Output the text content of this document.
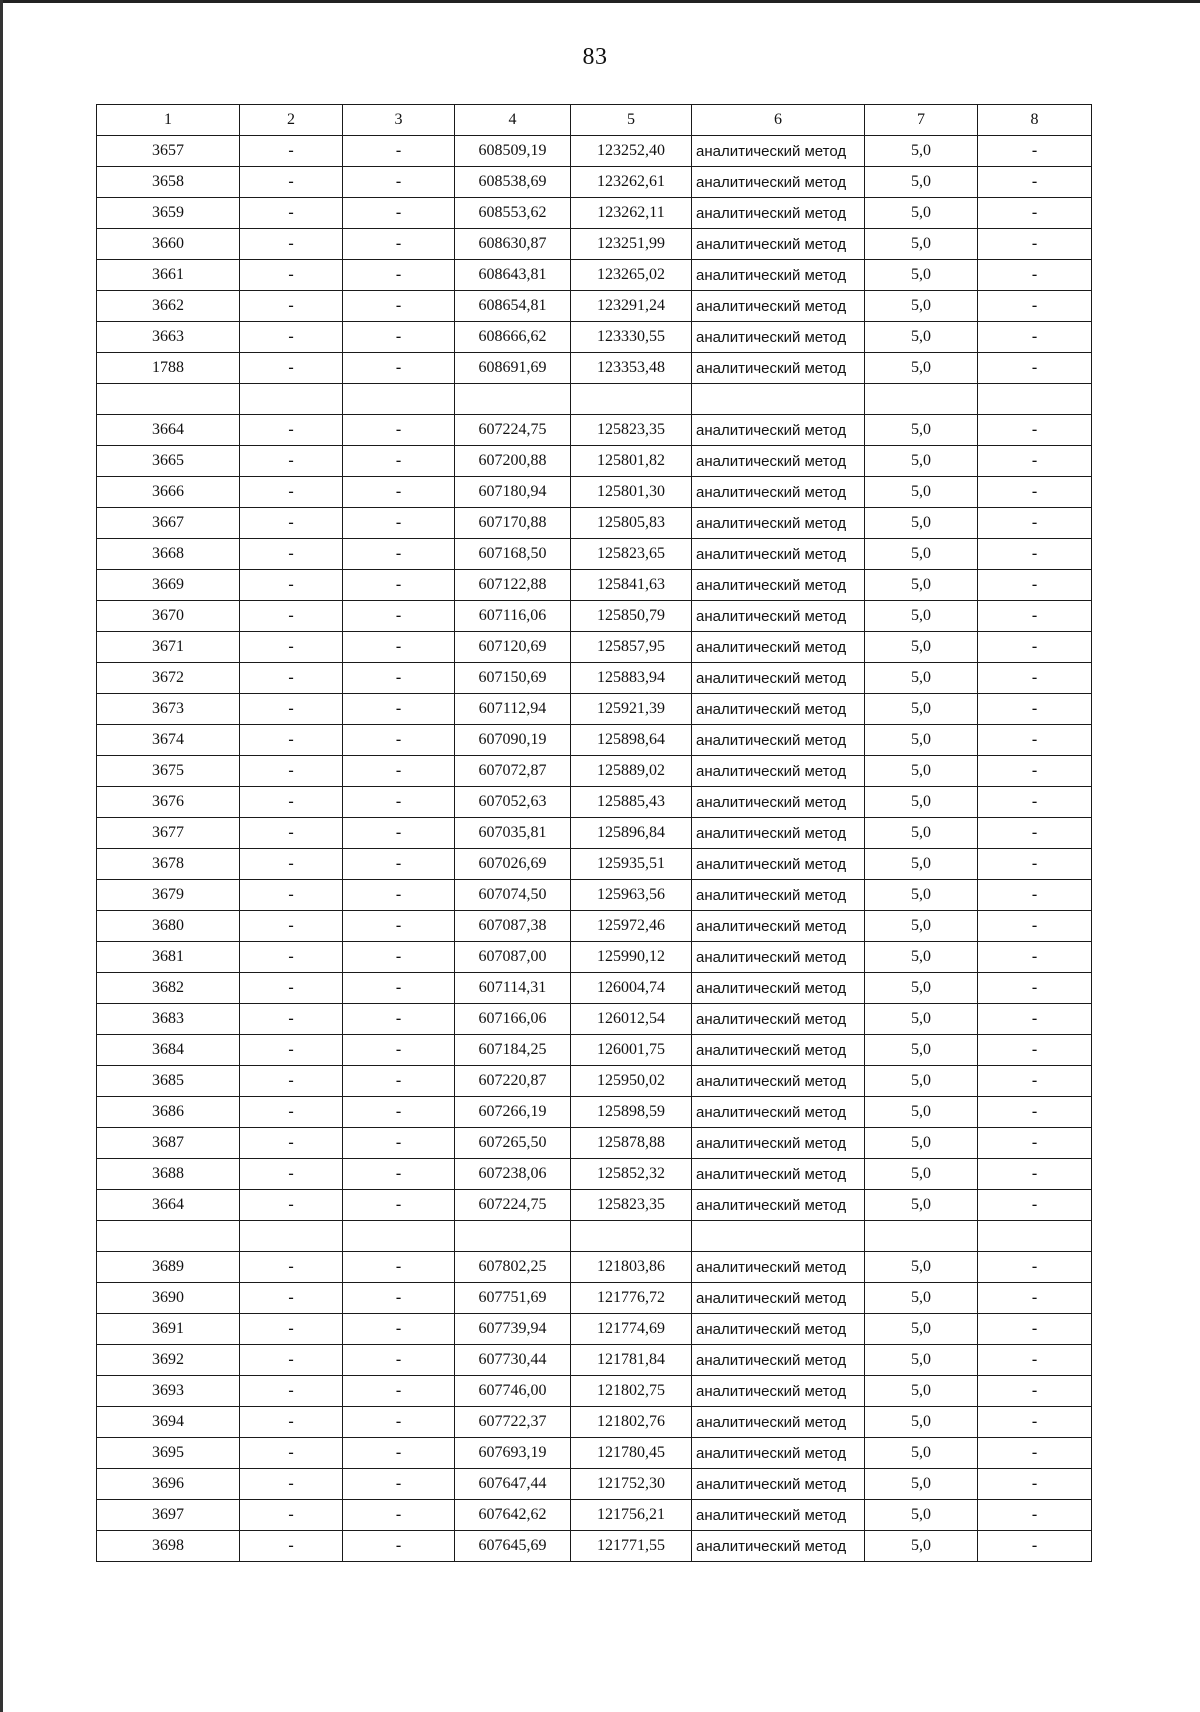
83
1	2	3	4	5	6	7	8
3657	-	-	608509,19	123252,40	аналитический метод	5,0	-
3658	-	-	608538,69	123262,61	аналитический метод	5,0	-
3659	-	-	608553,62	123262,11	аналитический метод	5,0	-
3660	-	-	608630,87	123251,99	аналитический метод	5,0	-
3661	-	-	608643,81	123265,02	аналитический метод	5,0	-
3662	-	-	608654,81	123291,24	аналитический метод	5,0	-
3663	-	-	608666,62	123330,55	аналитический метод	5,0	-
1788	-	-	608691,69	123353,48	аналитический метод	5,0	-

3664	-	-	607224,75	125823,35	аналитический метод	5,0	-
3665	-	-	607200,88	125801,82	аналитический метод	5,0	-
3666	-	-	607180,94	125801,30	аналитический метод	5,0	-
3667	-	-	607170,88	125805,83	аналитический метод	5,0	-
3668	-	-	607168,50	125823,65	аналитический метод	5,0	-
3669	-	-	607122,88	125841,63	аналитический метод	5,0	-
3670	-	-	607116,06	125850,79	аналитический метод	5,0	-
3671	-	-	607120,69	125857,95	аналитический метод	5,0	-
3672	-	-	607150,69	125883,94	аналитический метод	5,0	-
3673	-	-	607112,94	125921,39	аналитический метод	5,0	-
3674	-	-	607090,19	125898,64	аналитический метод	5,0	-
3675	-	-	607072,87	125889,02	аналитический метод	5,0	-
3676	-	-	607052,63	125885,43	аналитический метод	5,0	-
3677	-	-	607035,81	125896,84	аналитический метод	5,0	-
3678	-	-	607026,69	125935,51	аналитический метод	5,0	-
3679	-	-	607074,50	125963,56	аналитический метод	5,0	-
3680	-	-	607087,38	125972,46	аналитический метод	5,0	-
3681	-	-	607087,00	125990,12	аналитический метод	5,0	-
3682	-	-	607114,31	126004,74	аналитический метод	5,0	-
3683	-	-	607166,06	126012,54	аналитический метод	5,0	-
3684	-	-	607184,25	126001,75	аналитический метод	5,0	-
3685	-	-	607220,87	125950,02	аналитический метод	5,0	-
3686	-	-	607266,19	125898,59	аналитический метод	5,0	-
3687	-	-	607265,50	125878,88	аналитический метод	5,0	-
3688	-	-	607238,06	125852,32	аналитический метод	5,0	-
3664	-	-	607224,75	125823,35	аналитический метод	5,0	-

3689	-	-	607802,25	121803,86	аналитический метод	5,0	-
3690	-	-	607751,69	121776,72	аналитический метод	5,0	-
3691	-	-	607739,94	121774,69	аналитический метод	5,0	-
3692	-	-	607730,44	121781,84	аналитический метод	5,0	-
3693	-	-	607746,00	121802,75	аналитический метод	5,0	-
3694	-	-	607722,37	121802,76	аналитический метод	5,0	-
3695	-	-	607693,19	121780,45	аналитический метод	5,0	-
3696	-	-	607647,44	121752,30	аналитический метод	5,0	-
3697	-	-	607642,62	121756,21	аналитический метод	5,0	-
3698	-	-	607645,69	121771,55	аналитический метод	5,0	-
